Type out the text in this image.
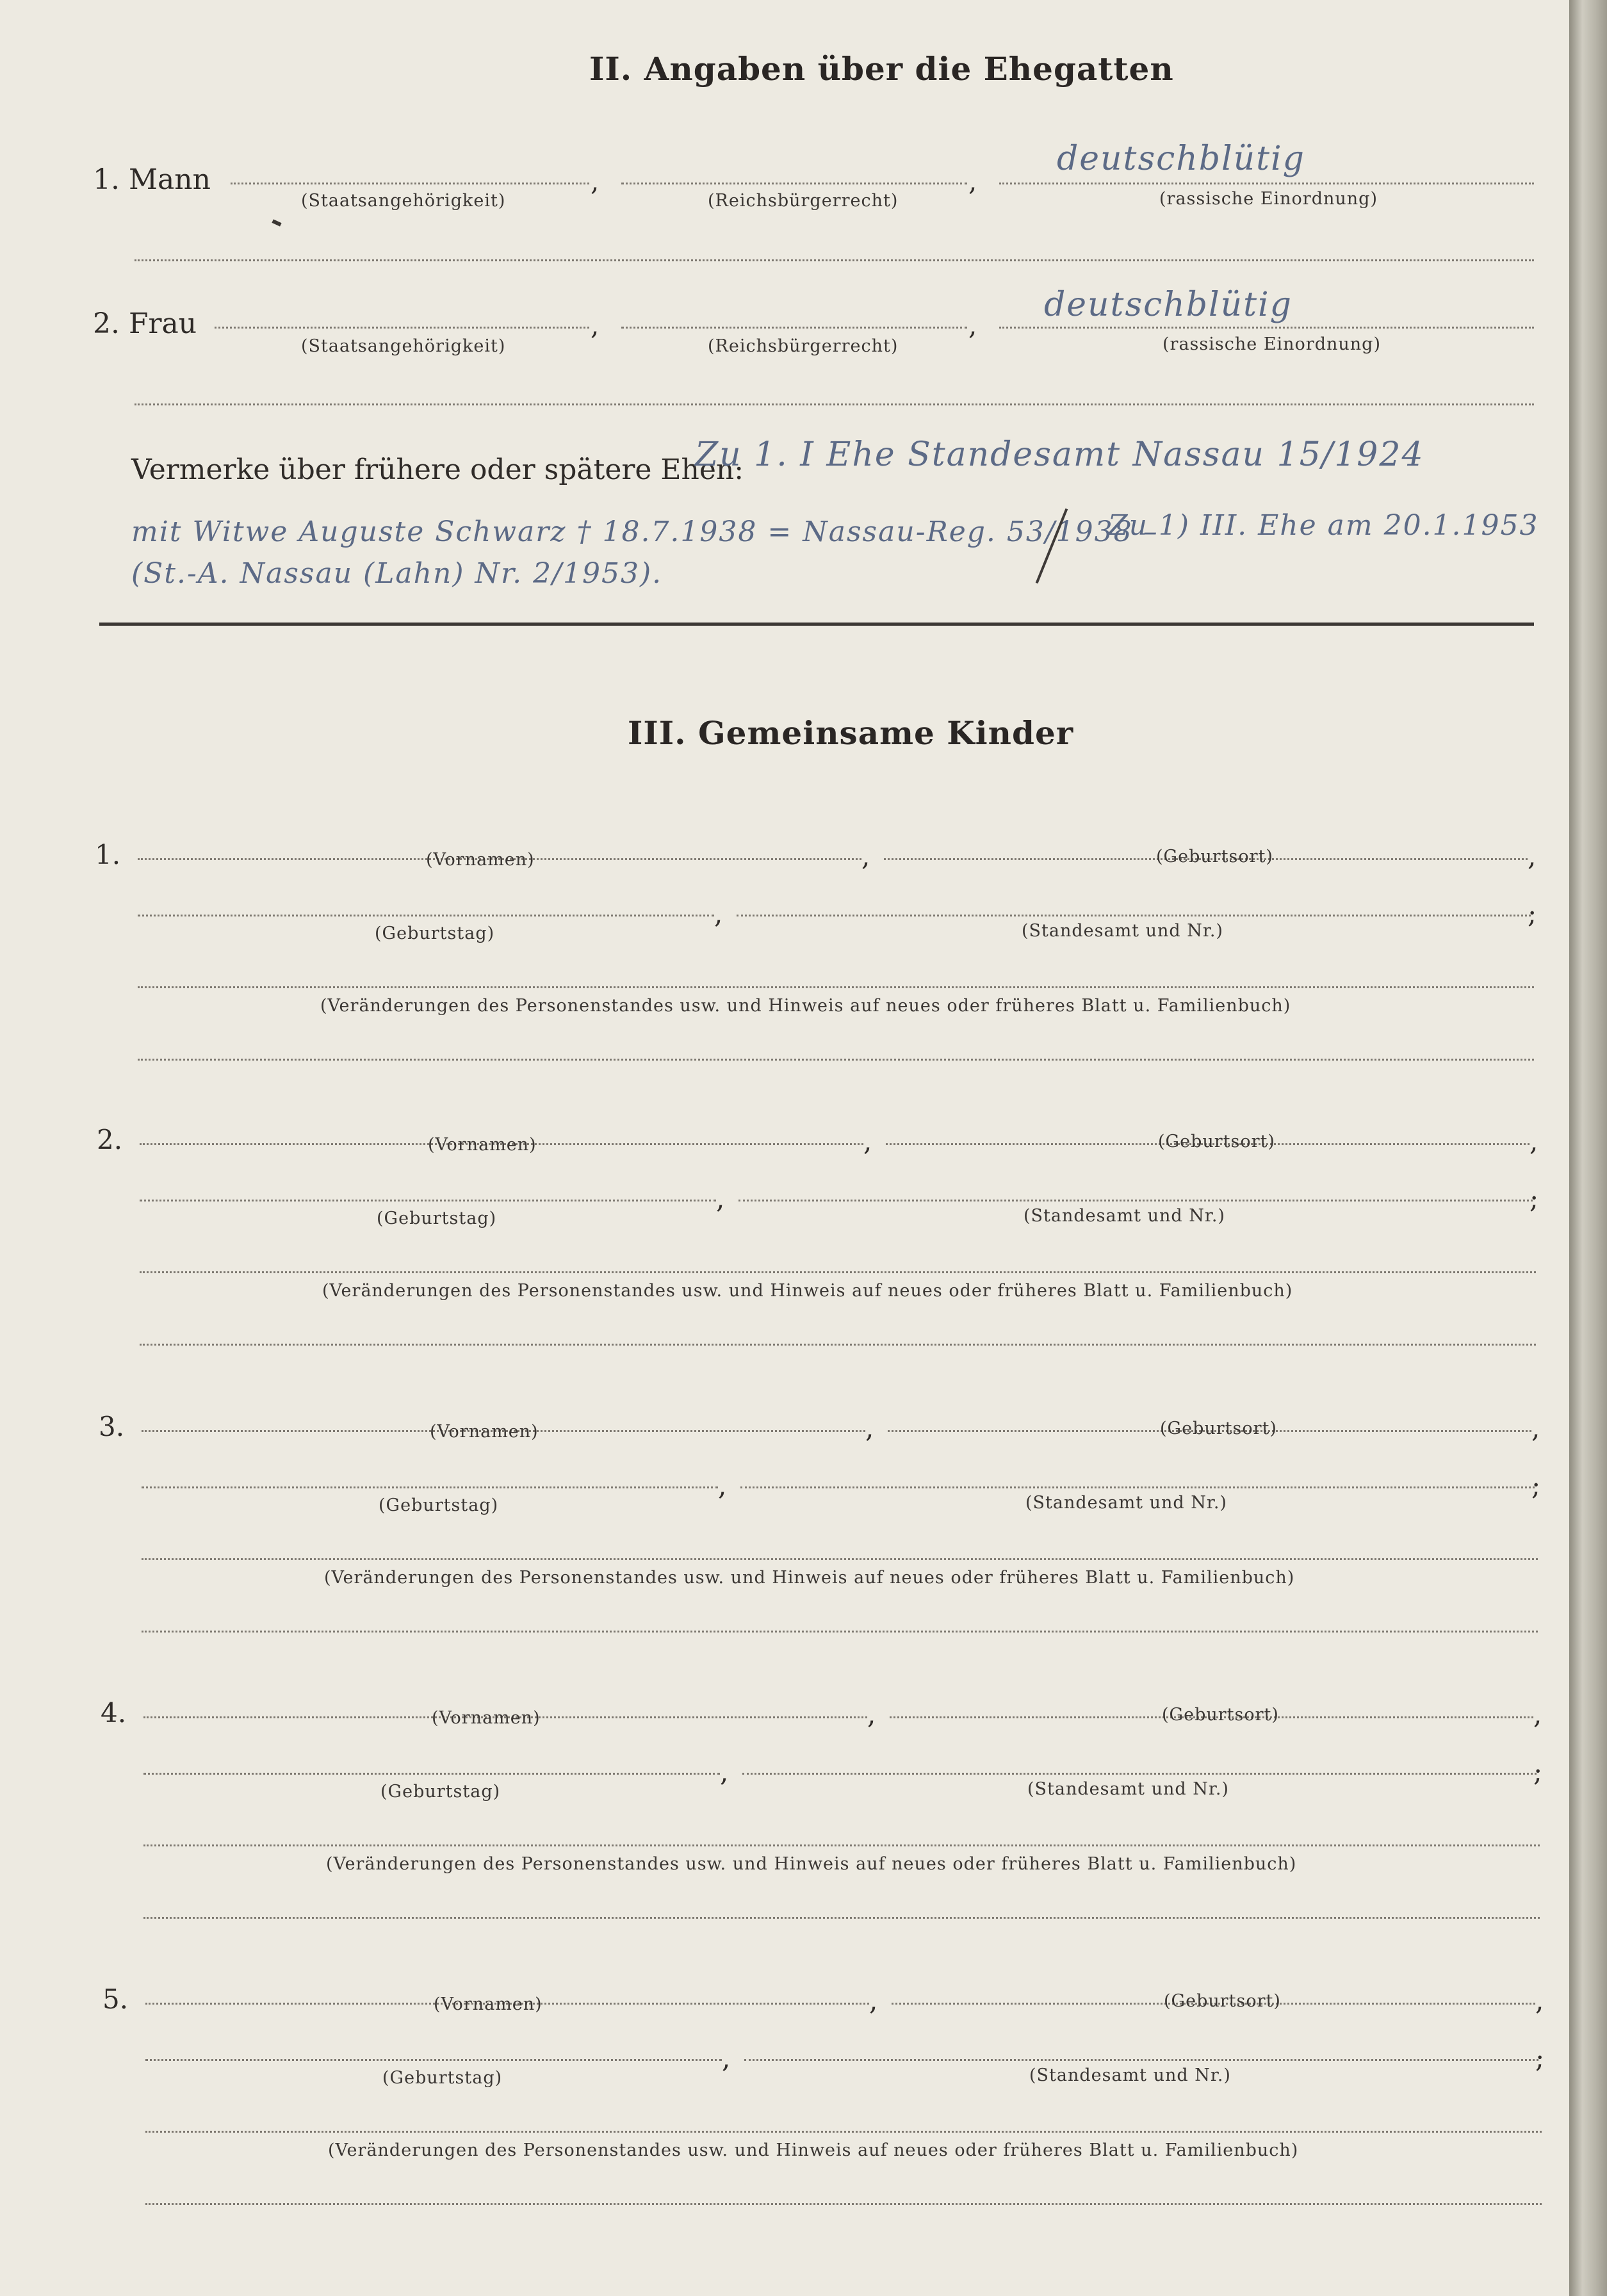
II. Angaben über die Ehegatten
1. Mann	,	,
deutschblütig
(Staatsangehörigkeit)	(Reichsbürgerrecht)	(rassische Einordnung)
2. Frau	,	,
deutschblütig
(Staatsangehörigkeit)	(Reichsbürgerrecht)	(rassische Einordnung)
Vermerke über frühere oder spätere Ehen:
Zu 1. I Ehe Standesamt Nassau 15/1924
mit Witwe Auguste Schwarz † 18.7.1938 = Nassau-Reg. 53/1938 –
Zu 1) III. Ehe am 20.1.1953
(St.-A. Nassau (Lahn) Nr. 2/1953).
III. Gemeinsame Kinder
1.	,	,
(Vornamen)	(Geburtsort)
,	;
(Geburtstag)	(Standesamt und Nr.)
(Veränderungen des Personenstandes usw. und Hinweis auf neues oder früheres Blatt u. Familienbuch)
2.	,	,
(Vornamen)	(Geburtsort)
,	;
(Geburtstag)	(Standesamt und Nr.)
(Veränderungen des Personenstandes usw. und Hinweis auf neues oder früheres Blatt u. Familienbuch)
3.	,	,
(Vornamen)	(Geburtsort)
,	;
(Geburtstag)	(Standesamt und Nr.)
(Veränderungen des Personenstandes usw. und Hinweis auf neues oder früheres Blatt u. Familienbuch)
4.	,	,
(Vornamen)	(Geburtsort)
,	;
(Geburtstag)	(Standesamt und Nr.)
(Veränderungen des Personenstandes usw. und Hinweis auf neues oder früheres Blatt u. Familienbuch)
5.	,	,
(Vornamen)	(Geburtsort)
,	;
(Geburtstag)	(Standesamt und Nr.)
(Veränderungen des Personenstandes usw. und Hinweis auf neues oder früheres Blatt u. Familienbuch)
